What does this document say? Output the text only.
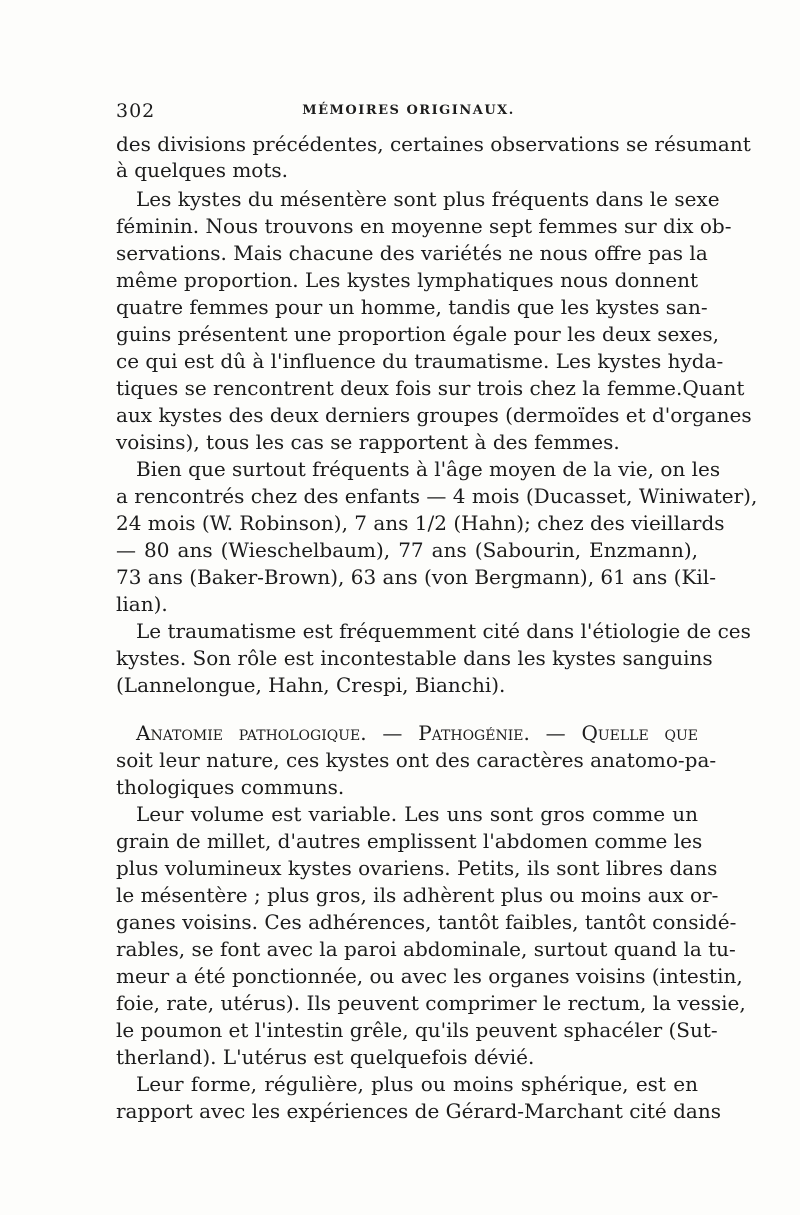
302	MÉMOIRES ORIGINAUX.
des divisions précédentes, certaines observations se résumant
à quelques mots.
Les kystes du mésentère sont plus fréquents dans le sexe
féminin. Nous trouvons en moyenne sept femmes sur dix ob-
servations. Mais chacune des variétés ne nous offre pas la
même proportion. Les kystes lymphatiques nous donnent
quatre femmes pour un homme, tandis que les kystes san-
guins présentent une proportion égale pour les deux sexes,
ce qui est dû à l'influence du traumatisme. Les kystes hyda-
tiques se rencontrent deux fois sur trois chez la femme.Quant
aux kystes des deux derniers groupes (dermoïdes et d'organes
voisins), tous les cas se rapportent à des femmes.
Bien que surtout fréquents à l'âge moyen de la vie, on les
a rencontrés chez des enfants — 4 mois (Ducasset, Winiwater),
24 mois (W. Robinson), 7 ans 1/2 (Hahn); chez des vieillards
— 80 ans (Wieschelbaum), 77 ans (Sabourin, Enzmann),
73 ans (Baker-Brown), 63 ans (von Bergmann), 61 ans (Kil-
lian).
Le traumatisme est fréquemment cité dans l'étiologie de ces
kystes. Son rôle est incontestable dans les kystes sanguins
(Lannelongue, Hahn, Crespi, Bianchi).
Anatomie pathologique. — Pathogénie. — Quelle que
soit leur nature, ces kystes ont des caractères anatomo-pa-
thologiques communs.
Leur volume est variable. Les uns sont gros comme un
grain de millet, d'autres emplissent l'abdomen comme les
plus volumineux kystes ovariens. Petits, ils sont libres dans
le mésentère ; plus gros, ils adhèrent plus ou moins aux or-
ganes voisins. Ces adhérences, tantôt faibles, tantôt considé-
rables, se font avec la paroi abdominale, surtout quand la tu-
meur a été ponctionnée, ou avec les organes voisins (intestin,
foie, rate, utérus). Ils peuvent comprimer le rectum, la vessie,
le poumon et l'intestin grêle, qu'ils peuvent sphacéler (Sut-
therland). L'utérus est quelquefois dévié.
Leur forme, régulière, plus ou moins sphérique, est en
rapport avec les expériences de Gérard-Marchant cité dans
